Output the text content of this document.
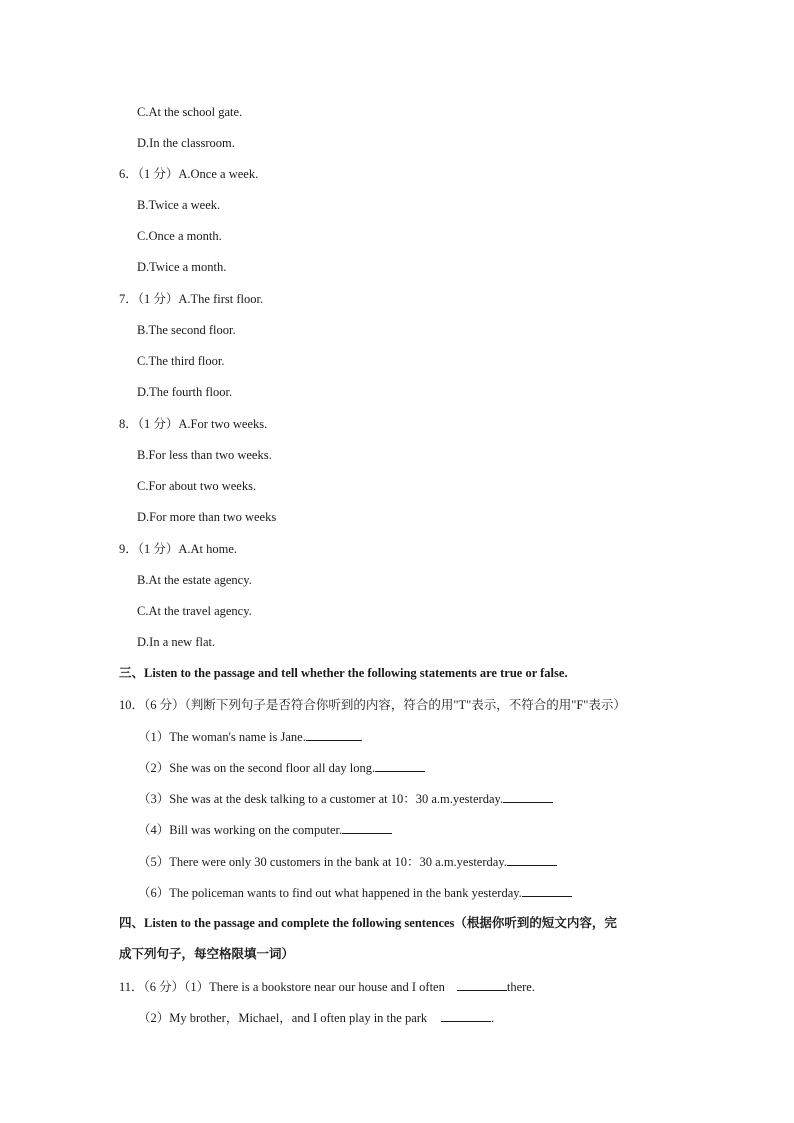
C.At the school gate.
D.In the classroom.
6．（1 分）A.Once a week.
B.Twice a week.
C.Once a month.
D.Twice a month.
7．（1 分）A.The first floor.
B.The second floor.
C.The third floor.
D.The fourth floor.
8．（1 分）A.For two weeks.
B.For less than two weeks.
C.For about two weeks.
D.For more than two weeks
9．（1 分）A.At home.
B.At the estate agency.
C.At the travel agency.
D.In a new flat.
三、Listen to the passage and tell whether the following statements are true or false.
10．（6 分）（判断下列句子是否符合你听到的内容，符合的用"T"表示，不符合的用"F"表示）
（1）The woman's name is Jane.
（2）She was on the second floor all day long.
（3）She was at the desk talking to a customer at 10：30 a.m.yesterday.
（4）Bill was working on the computer.
（5）There were only 30 customers in the bank at 10：30 a.m.yesterday.
（6）The policeman wants to find out what happened in the bank yesterday.
四、Listen to the passage and complete the following sentences（根据你听到的短文内容，完
成下列句子，每空格限填一词）
11．（6 分）（1）There is a bookstore near our house and I often	there.
（2）My brother，Michael，and I often play in the park	.
